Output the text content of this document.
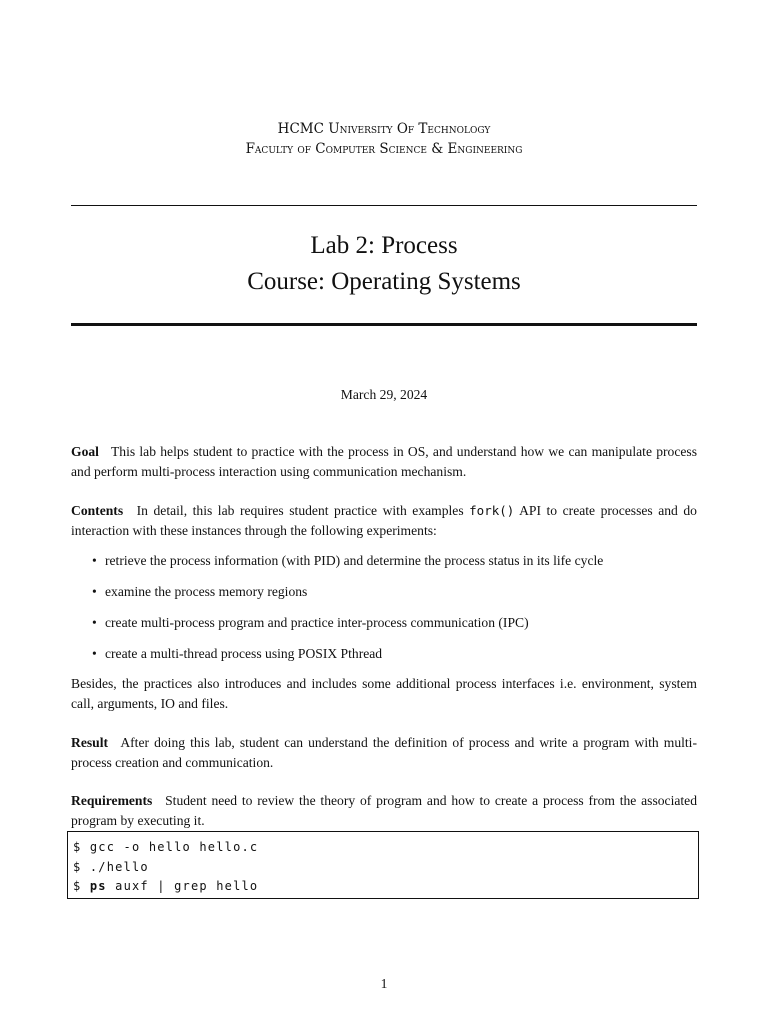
HCMC University Of Technology
Faculty of Computer Science & Engineering
Lab 2: Process
Course: Operating Systems
March 29, 2024
Goal This lab helps student to practice with the process in OS, and understand how we can manipulate process and perform multi-process interaction using communication mechanism.
Contents In detail, this lab requires student practice with examples fork() API to create processes and do interaction with these instances through the following experiments:
• retrieve the process information (with PID) and determine the process status in its life cycle
• examine the process memory regions
• create multi-process program and practice inter-process communication (IPC)
• create a multi-thread process using POSIX Pthread
Besides, the practices also introduces and includes some additional process interfaces i.e. environment, system call, arguments, IO and files.
Result After doing this lab, student can understand the definition of process and write a program with multi-process creation and communication.
Requirements Student need to review the theory of program and how to create a process from the associated program by executing it.
$ gcc -o hello hello.c
$ ./hello
$ ps auxf | grep hello
1
